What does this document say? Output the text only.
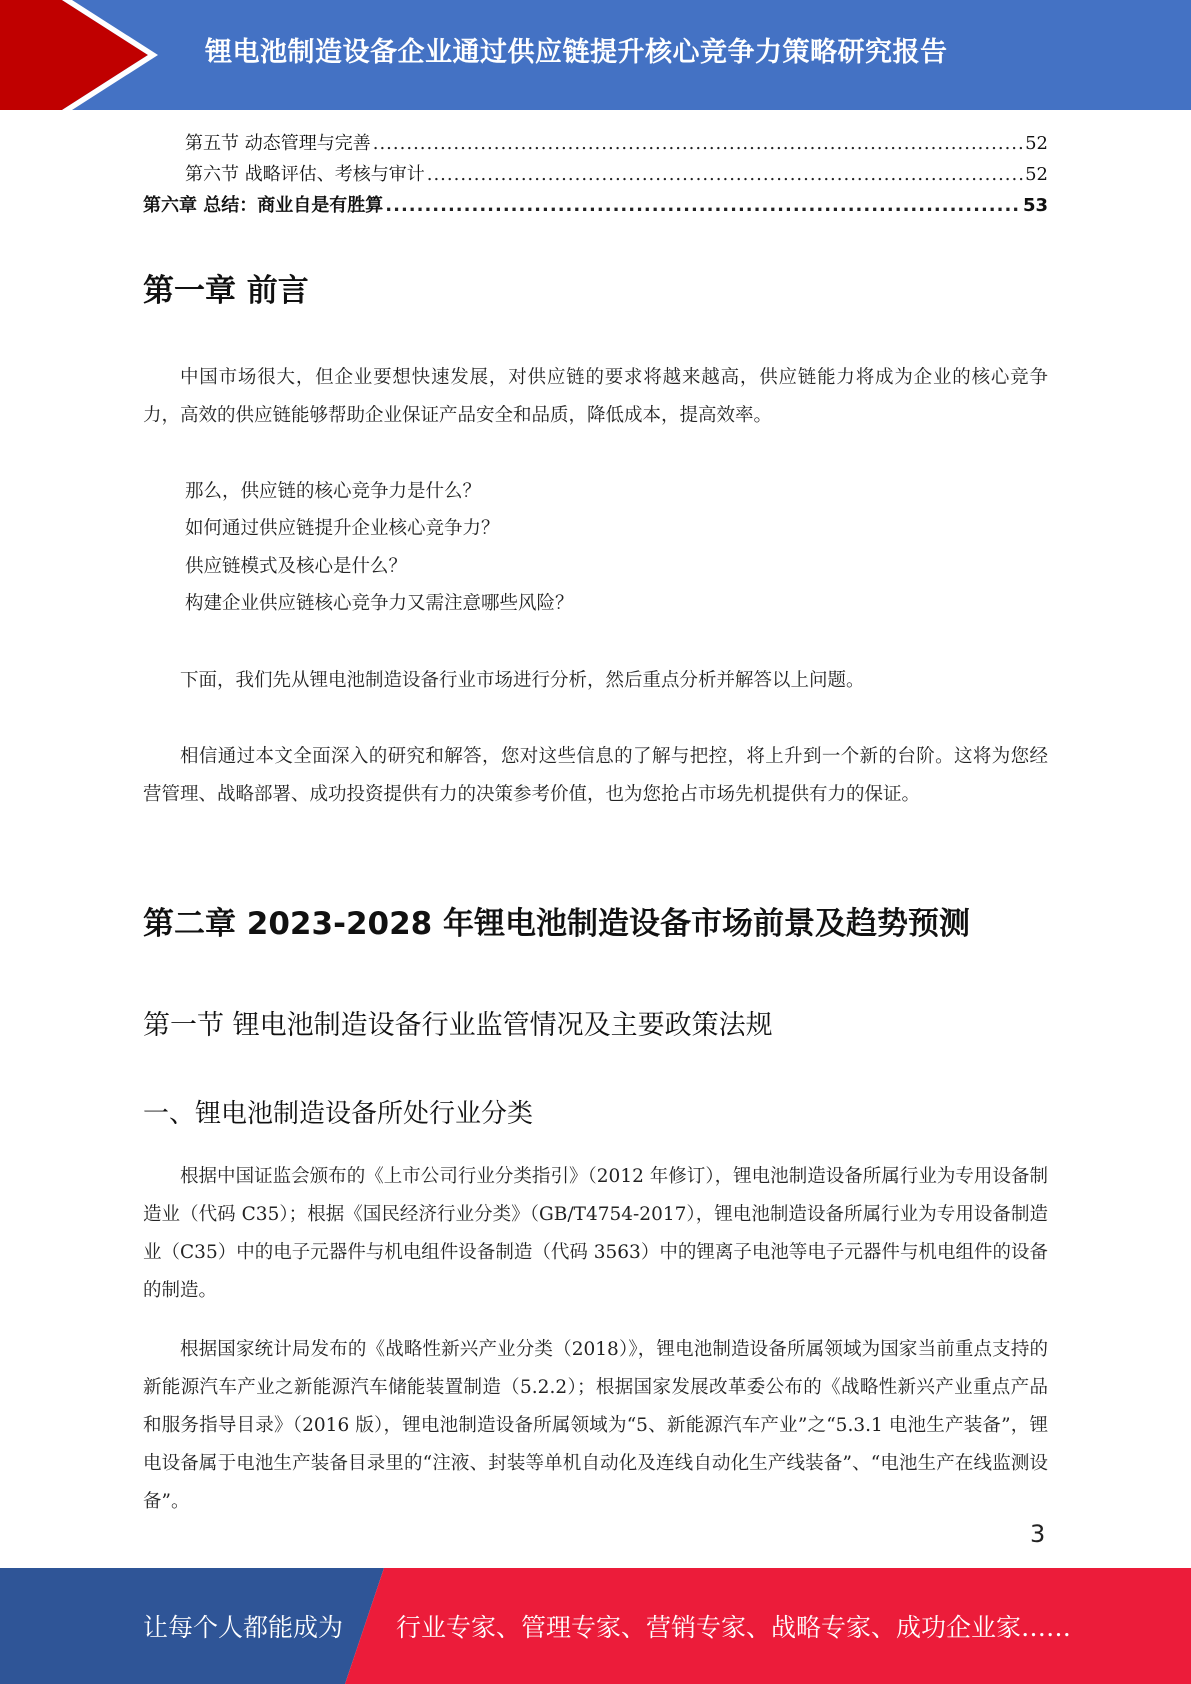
锂电池制造设备企业通过供应链提升核心竞争力策略研究报告
第五节 动态管理与完善 .....	52
第六节 战略评估、考核与审计 .....	52
第六章 总结：商业自是有胜算 .....	53
第一章 前言

中国市场很大，但企业要想快速发展，对供应链的要求将越来越高，供应链能力将成为企业的核心竞争力，高效的供应链能够帮助企业保证产品安全和品质，降低成本，提高效率。

那么，供应链的核心竞争力是什么？

如何通过供应链提升企业核心竞争力？

供应链模式及核心是什么？

构建企业供应链核心竞争力又需注意哪些风险？

下面，我们先从锂电池制造设备行业市场进行分析，然后重点分析并解答以上问题。

相信通过本文全面深入的研究和解答，您对这些信息的了解与把控，将上升到一个新的台阶。这将为您经营管理、战略部署、成功投资提供有力的决策参考价值，也为您抢占市场先机提供有力的保证。

第二章 2023-2028 年锂电池制造设备市场前景及趋势预测
第一节 锂电池制造设备行业监管情况及主要政策法规
一、锂电池制造设备所处行业分类

根据中国证监会颁布的《上市公司行业分类指引》（2012 年修订），锂电池制造设备所属行业为专用设备制造业（代码 C35）；根据《国民经济行业分类》（GB/T4754-2017），锂电池制造设备所属行业为专用设备制造业（C35）中的电子元器件与机电组件设备制造（代码 3563）中的锂离子电池等电子元器件与机电组件的设备的制造。

根据国家统计局发布的《战略性新兴产业分类（2018）》，锂电池制造设备所属领域为国家当前重点支持的新能源汽车产业之新能源汽车储能装置制造（5.2.2）；根据国家发展改革委公布的《战略性新兴产业重点产品和服务指导目录》（2016 版），锂电池制造设备所属领域为“5、新能源汽车产业”之“5.3.1 电池生产装备”，锂电设备属于电池生产装备目录里的“注液、封装等单机自动化及连线自动化生产线装备”、“电池生产在线监测设备”。

3
让每个人都能成为 行业专家、管理专家、营销专家、战略专家、成功企业家……
